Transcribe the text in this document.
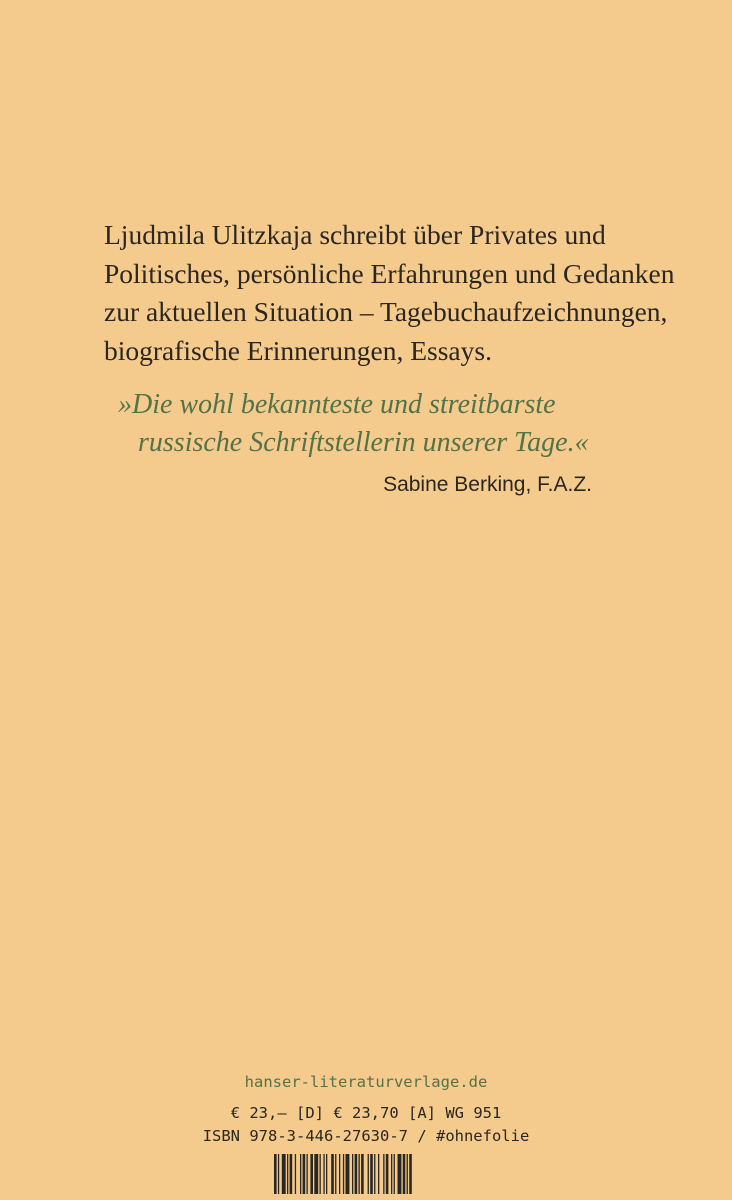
Ljudmila Ulitzkaja schreibt über Privates und
Politisches, persönliche Erfahrungen und Gedanken
zur aktuellen Situation – Tagebuchaufzeichnungen,
biografische Erinnerungen, Essays.

»Die wohl bekannteste und streitbarste
russische Schriftstellerin unserer Tage.«

Sabine Berking, F.A.Z.
hanser-literaturverlage.de
€ 23,– [D] € 23,70 [A] WG 951
ISBN 978-3-446-27630-7 / #ohnefolie
